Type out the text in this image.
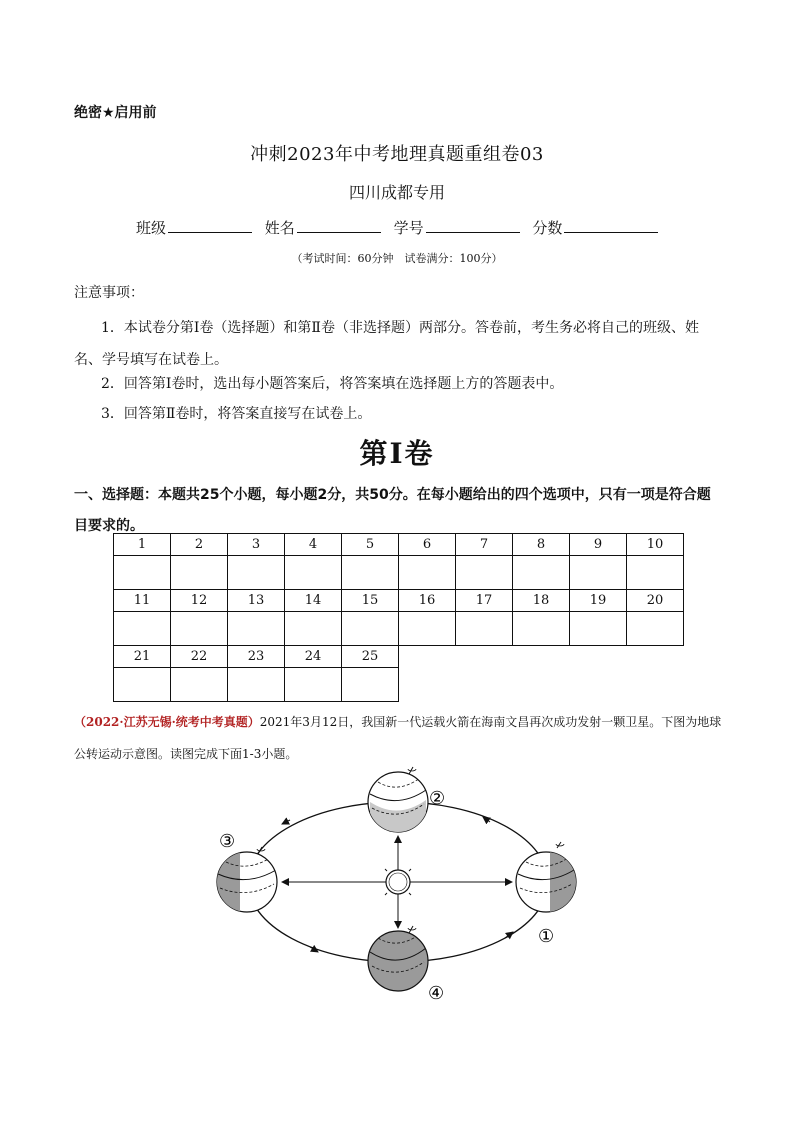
绝密★启用前
冲刺2023年中考地理真题重组卷03
四川成都专用
班级	姓名	学号	分数
（考试时间：60分钟　试卷满分：100分）
注意事项：
1．本试卷分第Ⅰ卷（选择题）和第Ⅱ卷（非选择题）两部分。答卷前，考生务必将自己的班级、姓名、学号填写在试卷上。
2．回答第Ⅰ卷时，选出每小题答案后，将答案填在选择题上方的答题表中。
3．回答第Ⅱ卷时，将答案直接写在试卷上。
第Ⅰ卷
一、选择题：本题共25个小题，每小题2分，共50分。在每小题给出的四个选项中，只有一项是符合题目要求的。
1	2	3	4	5	6	7	8	9	10

11	12	13	14	15	16	17	18	19	20

21	22	23	24	25					

（2022·江苏无锡·统考中考真题）2021年3月12日，我国新一代运载火箭在海南文昌再次成功发射一颗卫星。下图为地球公转运动示意图。读图完成下面1-3小题。
①
②
③
④
